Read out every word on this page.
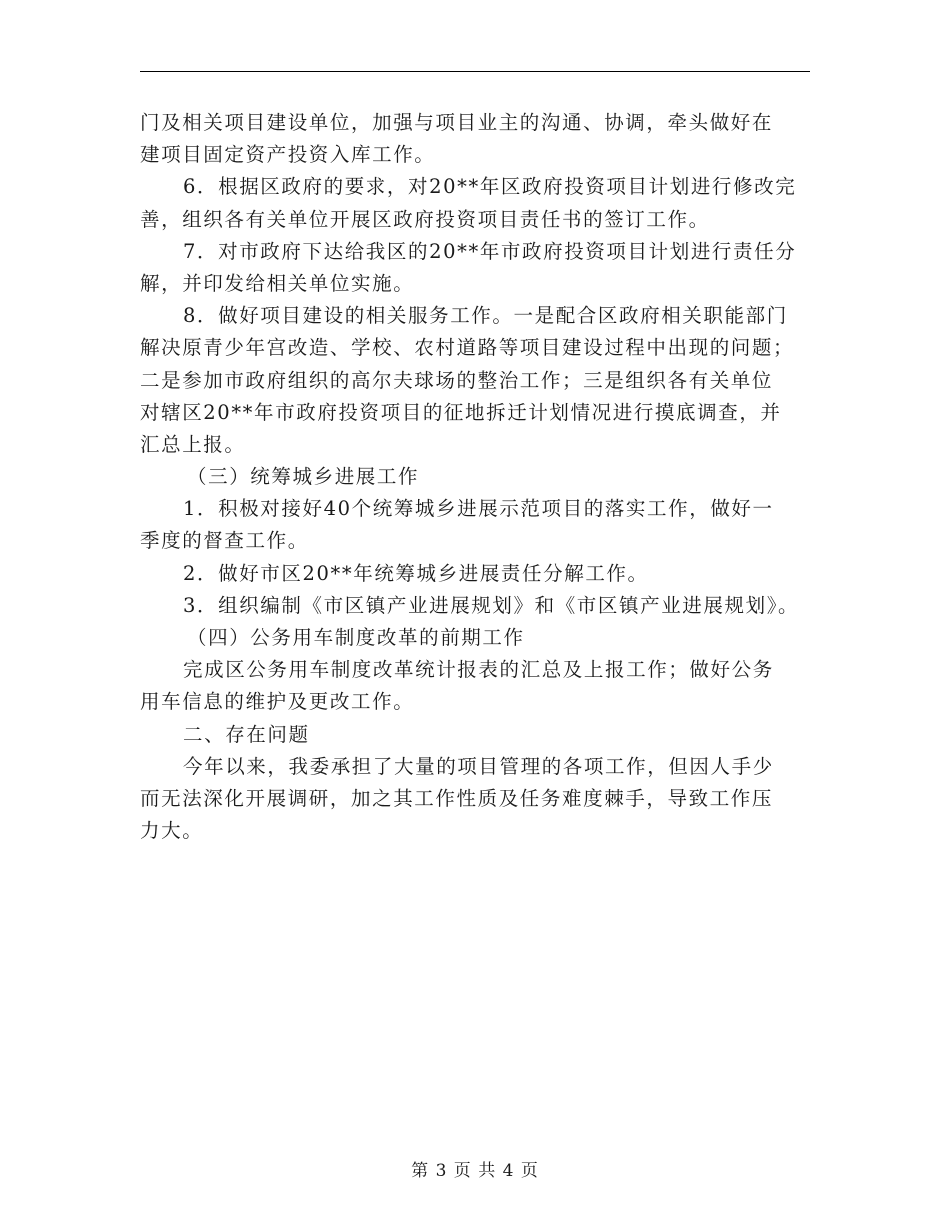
门及相关项目建设单位，加强与项目业主的沟通、协调，牵头做好在
建项目固定资产投资入库工作。
6．根据区政府的要求，对20**年区政府投资项目计划进行修改完
善，组织各有关单位开展区政府投资项目责任书的签订工作。
7．对市政府下达给我区的20**年市政府投资项目计划进行责任分
解，并印发给相关单位实施。
8．做好项目建设的相关服务工作。一是配合区政府相关职能部门
解决原青少年宫改造、学校、农村道路等项目建设过程中出现的问题；
二是参加市政府组织的高尔夫球场的整治工作；三是组织各有关单位
对辖区20**年市政府投资项目的征地拆迁计划情况进行摸底调查，并
汇总上报。
（三）统筹城乡进展工作
1．积极对接好40个统筹城乡进展示范项目的落实工作，做好一
季度的督查工作。
2．做好市区20**年统筹城乡进展责任分解工作。
3．组织编制《市区镇产业进展规划》和《市区镇产业进展规划》。
（四）公务用车制度改革的前期工作
完成区公务用车制度改革统计报表的汇总及上报工作；做好公务
用车信息的维护及更改工作。
二、存在问题
今年以来，我委承担了大量的项目管理的各项工作，但因人手少
而无法深化开展调研，加之其工作性质及任务难度棘手，导致工作压
力大。
第 3 页 共 4 页
